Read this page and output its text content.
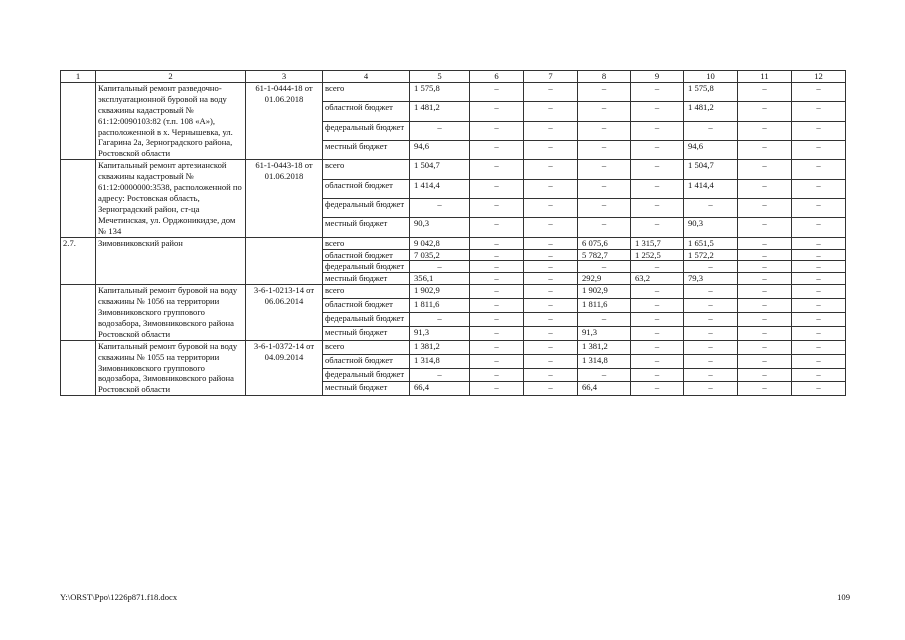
1	2	3	4	5	6	7	8	9	10	11	12
	Капитальный ремонт разведочно-эксплуатационной буровой на воду скважины кадастровый № 61:12:0090103:82 (т.п. 108 «А»), расположенной в х. Чернышевка, ул. Гагарина 2а, Зерноградского района, Ростовской области	61-1-0444-18 от 01.06.2018	всего	1 575,8	–	–	–	–	1 575,8	–	–
			областной бюджет	1 481,2	–	–	–	–	1 481,2	–	–
			федеральный бюджет	–	–	–	–	–	–	–	–
			местный бюджет	94,6	–	–	–	–	94,6	–	–
	Капитальный ремонт артезианской скважины кадастровый № 61:12:0000000:3538, расположенной по адресу: Ростовская область, Зерноградский район, ст-ца Мечетинская, ул. Орджоникидзе, дом № 134	61-1-0443-18 от 01.06.2018	всего	1 504,7	–	–	–	–	1 504,7	–	–
			областной бюджет	1 414,4	–	–	–	–	1 414,4	–	–
			федеральный бюджет	–	–	–	–	–	–	–	–
			местный бюджет	90,3	–	–	–	–	90,3	–	–
2.7.	Зимовниковский район		всего	9 042,8	–	–	6 075,6	1 315,7	1 651,5	–	–
			областной бюджет	7 035,2	–	–	5 782,7	1 252,5	1 572,2	–	–
			федеральный бюджет	–	–	–	–	–	–	–	–
			местный бюджет	356,1	–	–	292,9	63,2	79,3	–	–
	Капитальный ремонт буровой на воду скважины № 1056 на территории Зимовниковского группового водозабора, Зимовниковского района Ростовской области	3-6-1-0213-14 от 06.06.2014	всего	1 902,9	–	–	1 902,9	–	–	–	–
			областной бюджет	1 811,6	–	–	1 811,6	–	–	–	–
			федеральный бюджет	–	–	–	–	–	–	–	–
			местный бюджет	91,3	–	–	91,3	–	–	–	–
	Капитальный ремонт буровой на воду скважины № 1055 на территории Зимовниковского группового водозабора, Зимовниковского района Ростовской области	3-6-1-0372-14 от 04.09.2014	всего	1 381,2	–	–	1 381,2	–	–	–	–
			областной бюджет	1 314,8	–	–	1 314,8	–	–	–	–
			федеральный бюджет	–	–	–	–	–	–	–	–
			местный бюджет	66,4	–	–	66,4	–	–	–	–
Y:\ORST\Ppo\1226p871.f18.docx	109
